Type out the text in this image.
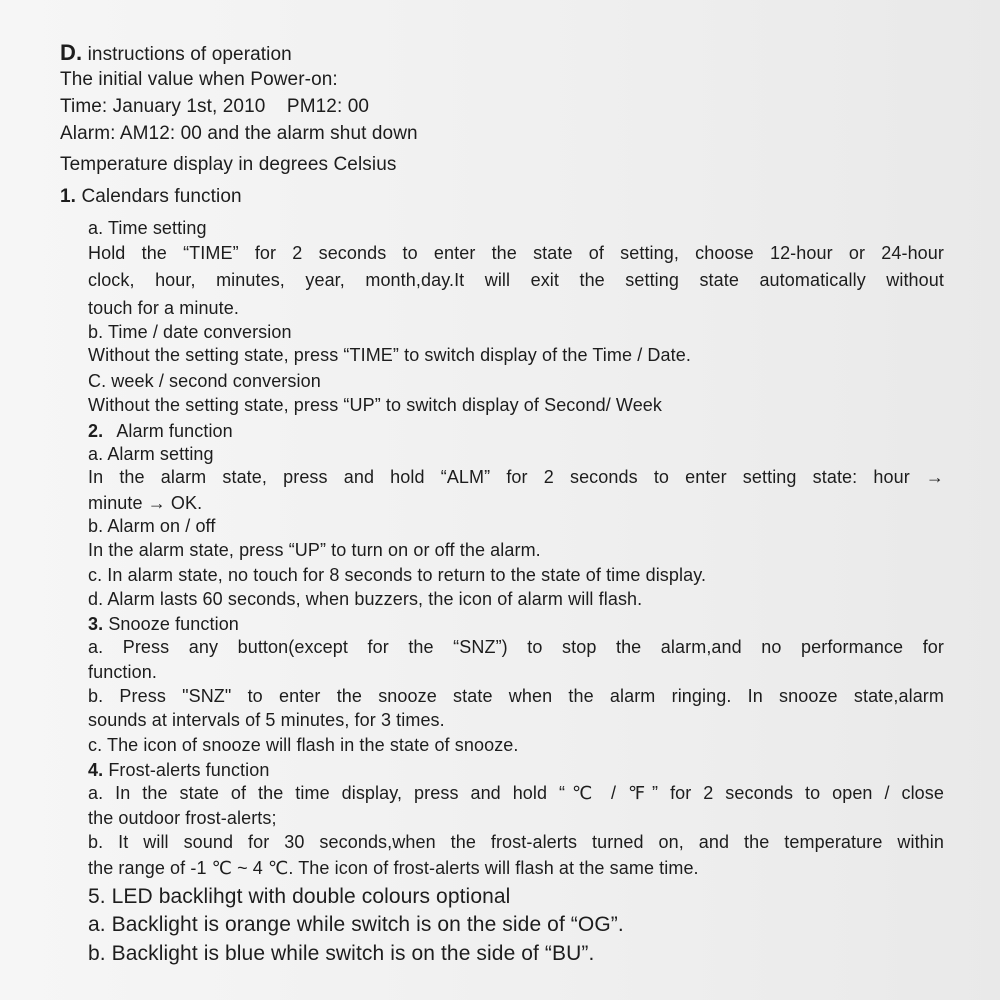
D. instructions of operation
The initial value when Power-on:
Time: January 1st, 2010    PM12: 00
Alarm: AM12: 00 and the alarm shut down
Temperature display in degrees Celsius
1. Calendars function
a. Time setting
Hold the “TIME” for 2 seconds to enter the state of setting, choose 12-hour or 24-hour
clock, hour, minutes, year, month,day.It will exit the setting state automatically without
touch for a minute.
b. Time / date conversion
Without the setting state, press “TIME” to switch display of the Time / Date.
C. week / second conversion
Without the setting state, press “UP” to switch display of Second/ Week
2. Alarm function
a. Alarm setting
In the alarm state, press and hold “ALM” for 2 seconds to enter setting state: hour →
minute → OK.
b. Alarm on / off
In the alarm state, press “UP” to turn on or off the alarm.
c. In alarm state, no touch for 8 seconds to return to the state of time display.
d. Alarm lasts 60 seconds, when buzzers, the icon of alarm will flash.
3. Snooze function
a. Press any button(except for the “SNZ”) to stop the alarm,and no performance for
function.
b. Press "SNZ" to enter the snooze state when the alarm ringing. In snooze state,alarm
sounds at intervals of 5 minutes, for 3 times.
c. The icon of snooze will flash in the state of snooze.
4. Frost-alerts function
a. In the state of the time display, press and hold “℃ / ℉” for 2 seconds to open / close
the outdoor frost-alerts;
b. It will sound for 30 seconds,when the frost-alerts turned on, and the temperature within
the range of -1 ℃ ~ 4 ℃. The icon of frost-alerts will flash at the same time.
5. LED backlihgt with double colours optional
a. Backlight is orange while switch is on the side of “OG”.
b. Backlight is blue while switch is on the side of “BU”.
